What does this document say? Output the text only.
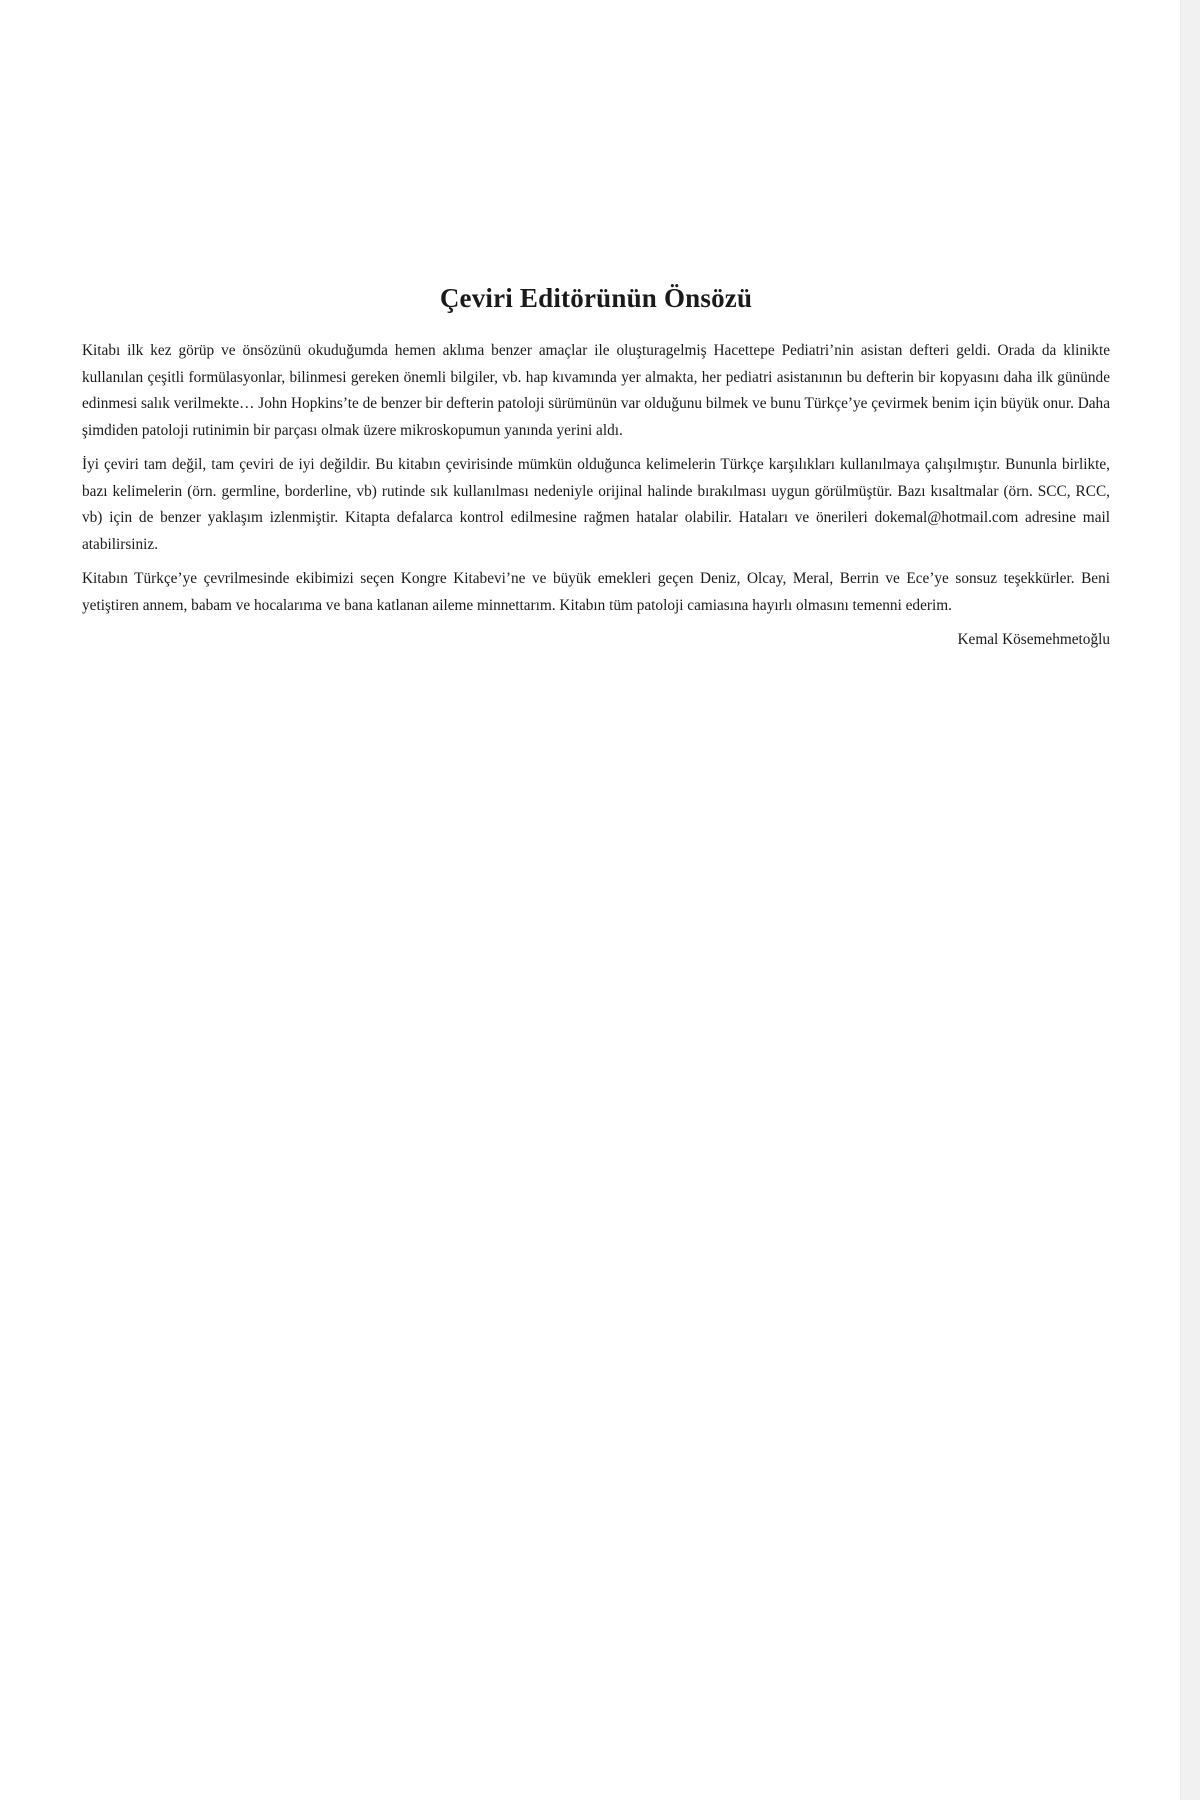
Çeviri Editörünün Önsözü

Kitabı ilk kez görüp ve önsözünü okuduğumda hemen aklıma benzer amaçlar ile oluşturagelmiş Hacettepe Pediatri’nin asistan defteri geldi. Orada da klinikte kullanılan çeşitli formülasyonlar, bilinmesi gereken önemli bilgiler, vb. hap kıvamında yer almakta, her pediatri asistanının bu defterin bir kopyasını daha ilk gününde edinmesi salık verilmekte… John Hopkins’te de benzer bir defterin patoloji sürümünün var olduğunu bilmek ve bunu Türkçe’ye çevirmek benim için büyük onur. Daha şimdiden patoloji rutinimin bir parçası olmak üzere mikroskopumun yanında yerini aldı.

İyi çeviri tam değil, tam çeviri de iyi değildir. Bu kitabın çevirisinde mümkün olduğunca kelimelerin Türkçe karşılıkları kullanılmaya çalışılmıştır. Bununla birlikte, bazı kelimelerin (örn. germline, borderline, vb) rutinde sık kullanılması nedeniyle orijinal halinde bırakılması uygun görülmüştür. Bazı kısaltmalar (örn. SCC, RCC, vb) için de benzer yaklaşım izlenmiştir. Kitapta defalarca kontrol edilmesine rağmen hatalar olabilir. Hataları ve önerileri dokemal@hotmail.com adresine mail atabilirsiniz.

Kitabın Türkçe’ye çevrilmesinde ekibimizi seçen Kongre Kitabevi’ne ve büyük emekleri geçen Deniz, Olcay, Meral, Berrin ve Ece’ye sonsuz teşekkürler. Beni yetiştiren annem, babam ve hocalarıma ve bana katlanan aileme minnettarım. Kitabın tüm patoloji camiasına hayırlı olmasını temenni ederim.

Kemal Kösemehmetoğlu
